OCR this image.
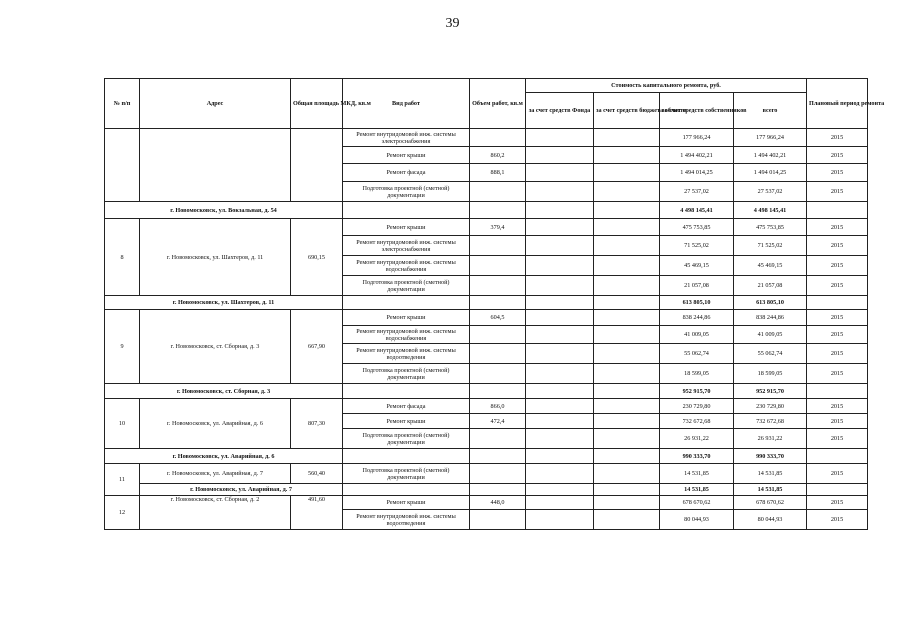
39
№ п/п	Адрес	Общая площадь МКД, кв.м	Вид работ	Объем работ, кв.м	Стоимость капитального ремонта, руб.				Плановый период ремонта
					за счет средств Фонда	за счет средств бюджета области	за счет средств собственников	всего	
			Ремонт внутридомовой инж. системы электроснабжения				177 966,24	177 966,24	2015
			Ремонт крыши	860,2			1 494 402,21	1 494 402,21	2015
			Ремонт фасада	888,1			1 494 014,25	1 494 014,25	2015
			Подготовка проектной (сметной) документации				27 537,02	27 537,02	2015
г. Новомосковск, ул. Вокзальная, д. 54							4 498 145,41	4 498 145,41	
8	г. Новомосковск, ул. Шахтеров, д. 11	690,15	Ремонт крыши	379,4			475 753,85	475 753,85	2015
			Ремонт внутридомовой инж. системы электроснабжения				71 525,02	71 525,02	2015
			Ремонт внутридомовой инж. системы водоснабжения				45 469,15	45 469,15	2015
			Подготовка проектной (сметной) документации				21 057,08	21 057,08	2015
г. Новомосковск, ул. Шахтеров, д. 11							613 805,10	613 805,10	
9	г. Новомосковск, ст. Сборная, д. 3	667,90	Ремонт крыши	604,5			838 244,86	838 244,86	2015
			Ремонт внутридомовой инж. системы водоснабжения				41 009,05	41 009,05	2015
			Ремонт внутридомовой инж. системы водоотведения				55 062,74	55 062,74	2015
			Подготовка проектной (сметной) документации				18 599,05	18 599,05	2015
г. Новомосковск, ст. Сборная, д. 3							952 915,70	952 915,70	
10	г. Новомосковск, ул. Аварийная, д. 6	807,30	Ремонт фасада	866,0			230 729,80	230 729,80	2015
			Ремонт крыши	472,4			732 672,68	732 672,68	2015
			Подготовка проектной (сметной) документации				26 931,22	26 931,22	2015
г. Новомосковск, ул. Аварийная, д. 6							990 333,70	990 333,70	
11	г. Новомосковск, ул. Аварийная, д. 7	560,40	Подготовка проектной (сметной) документации				14 531,85	14 531,85	2015
	г. Новомосковск, ул. Аварийная, д. 7						14 531,85	14 531,85	
12	г. Новомосковск, ст. Сборная, д. 2	491,60	Ремонт крыши	448,0			678 670,62	678 670,62	2015
			Ремонт внутридомовой инж. системы водоотведения				80 044,93	80 044,93	2015
